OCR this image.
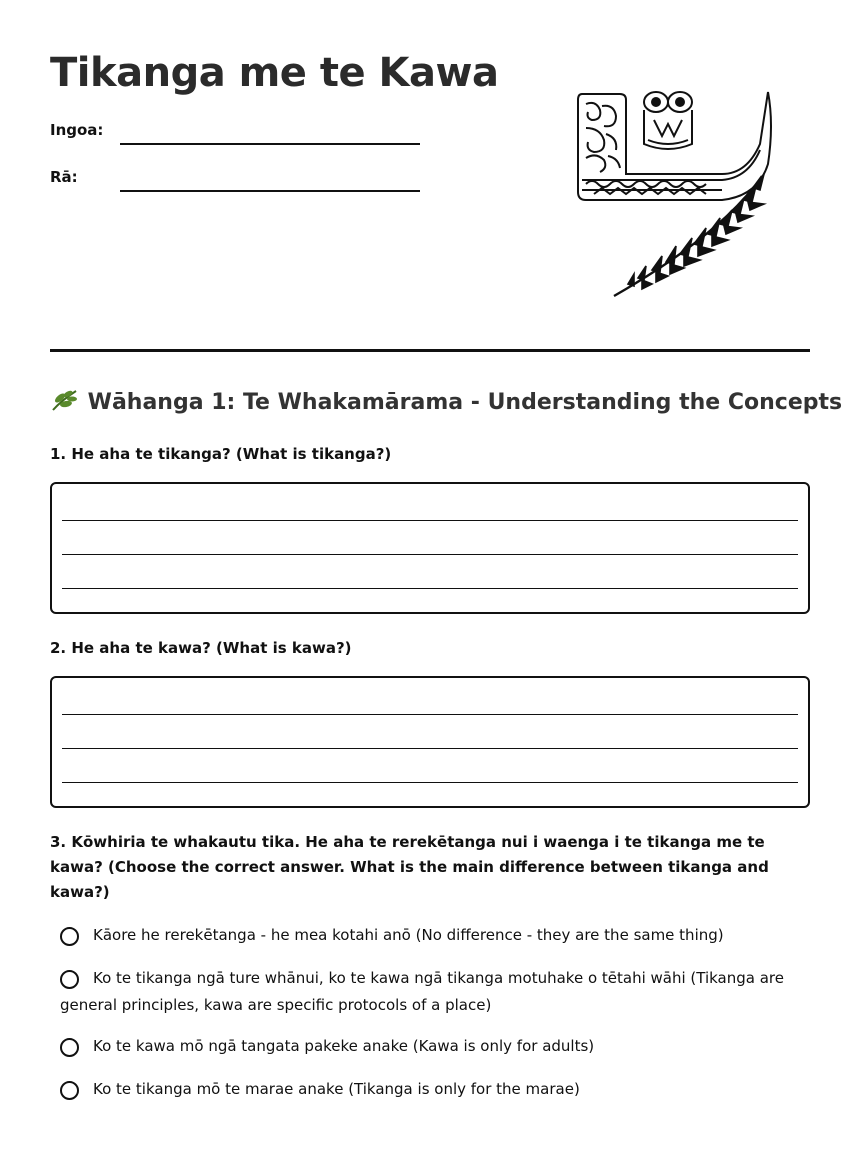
Tikanga me te Kawa
Ingoa:
Rā:
Wāhanga 1: Te Whakamārama - Understanding the Concepts

1. He aha te tikanga? (What is tikanga?)

2. He aha te kawa? (What is kawa?)

3. Kōwhiria te whakautu tika. He aha te rerekētanga nui i waenga i te tikanga me te kawa? (Choose the correct answer. What is the main difference between tikanga and kawa?)

Kāore he rerekētanga - he mea kotahi anō (No difference - they are the same thing)
Ko te tikanga ngā ture whānui, ko te kawa ngā tikanga motuhake o tētahi wāhi (Tikanga are general principles, kawa are specific protocols of a place)
Ko te kawa mō ngā tangata pakeke anake (Kawa is only for adults)
Ko te tikanga mō te marae anake (Tikanga is only for the marae)
